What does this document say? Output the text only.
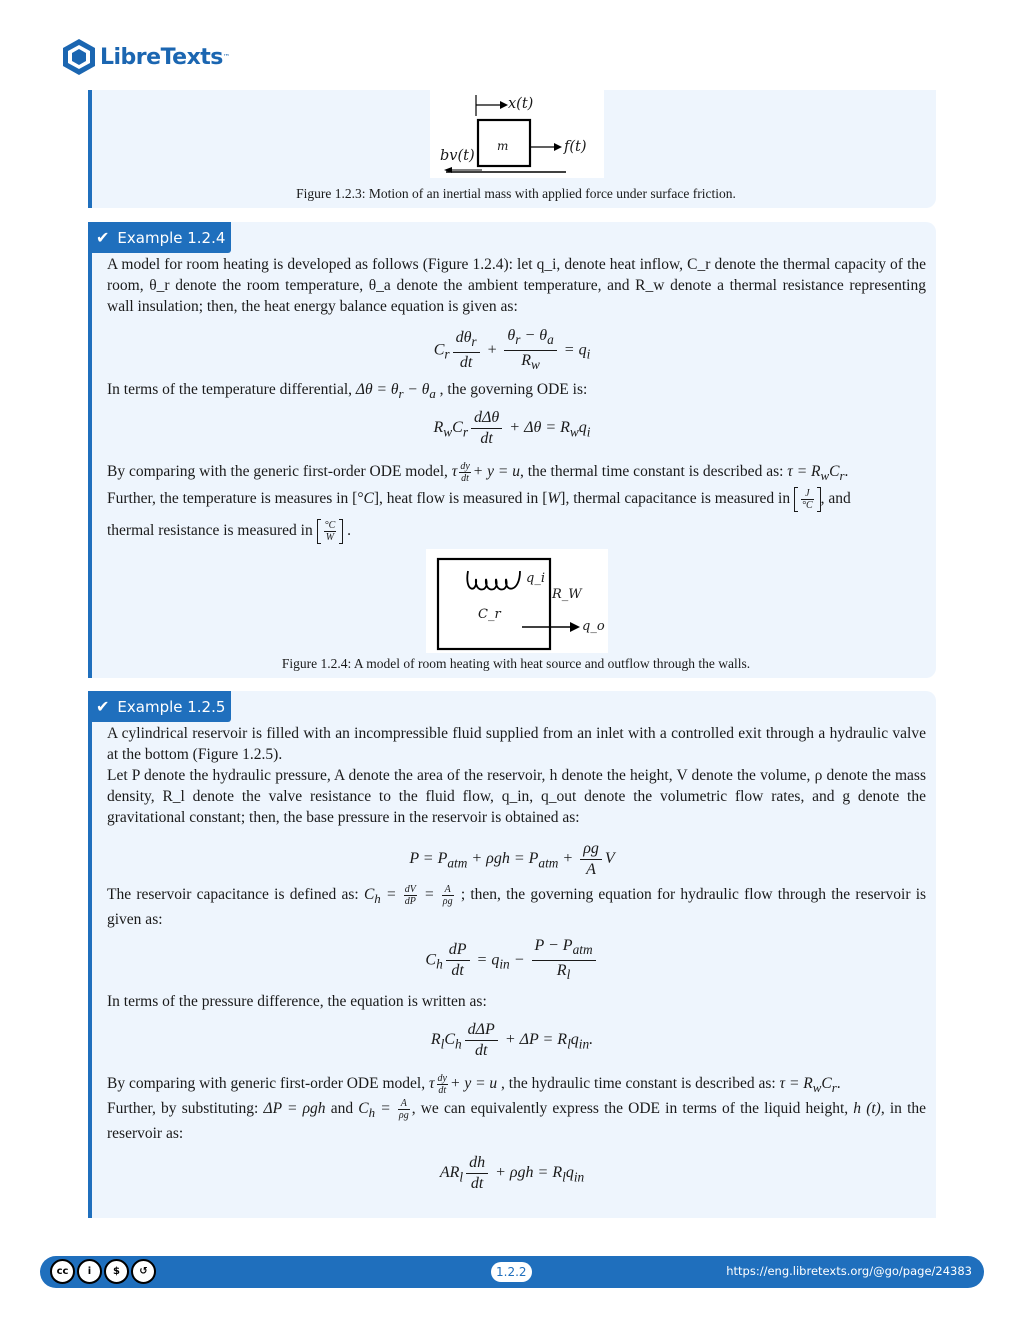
LibreTexts ™
x(t)
m	f(t)
bv(t)
Figure 1.2.3: Motion of an inertial mass with applied force under surface friction.
✔ Example 1.2.4
A model for room heating is developed as follows (Figure 1.2.4): let q_i, denote heat inflow, C_r denote the thermal capacity of the room, θ_r denote the room temperature, θ_a denote the ambient temperature, and R_w denote a thermal resistance representing wall insulation; then, the heat energy balance equation is given as:
$C_r \frac{d\theta_r}{dt} + \frac{\theta_r - \theta_a}{R_w} = q_i$
In terms of the temperature differential, $\Delta\theta = \theta_r - \theta_a$ , the governing ODE is:
$R_wC_r \frac{\text{dΔθ}}{dt} + \Delta\theta = R_wq_i$
By comparing with the generic first-order ODE model, τ $\frac{dy}{dt} + y = u$, the thermal time constant is described as: $\tau = R_wC_r$.
Further, the temperature is measures in [°C], heat flow is measured in [W], thermal capacitance is measured in $\frac{J}{^\circ C}$ , and
thermal resistance is measured in $\frac{^\circ C}{W}$ .
q_i
R_W
C_r
q_o
Figure 1.2.4: A model of room heating with heat source and outflow through the walls.
✔ Example 1.2.5
A cylindrical reservoir is filled with an incompressible fluid supplied from an inlet with a controlled exit through a hydraulic valve at the bottom (Figure 1.2.5).
Let P denote the hydraulic pressure, A denote the area of the reservoir, h denote the height, V denote the volume, ρ denote the mass density, R_l denote the valve resistance to the fluid flow, q_in, q_out denote the volumetric flow rates, and g denote the gravitational constant; then, the base pressure in the reservoir is obtained as:
$P = P_{atm} + \rho gh = P_{atm} + \frac{\rho g}{A}$ V
The reservoir capacitance is defined as: $C_h = \frac{dV}{dP} = \frac{A}{\rho g}$ ; then, the governing equation for hydraulic flow through the reservoir is given as:
$C_h \frac{dP}{dt} = q_{in} - \frac{P - P_{atm}}{R_l}$
In terms of the pressure difference, the equation is written as:
$R_lC_h \frac{\text{dΔP}}{dt} + \Delta P = R_lq_{in}$.
By comparing with generic first-order ODE model, τ $\frac{dy}{dt} + y = u$ , the hydraulic time constant is described as: $\tau = R_wC_r$.
Further, by substituting: ΔP = ρgh and $C_h = \frac{A}{\rho g}$ , we can equivalently express the ODE in terms of the liquid height, h (t), in the reservoir as:
$AR_l \frac{dh}{dt} + \rho gh = R_lq_{in}$
cc	i	$	↺	1.2.2	https://eng.libretexts.org/@go/page/24383
